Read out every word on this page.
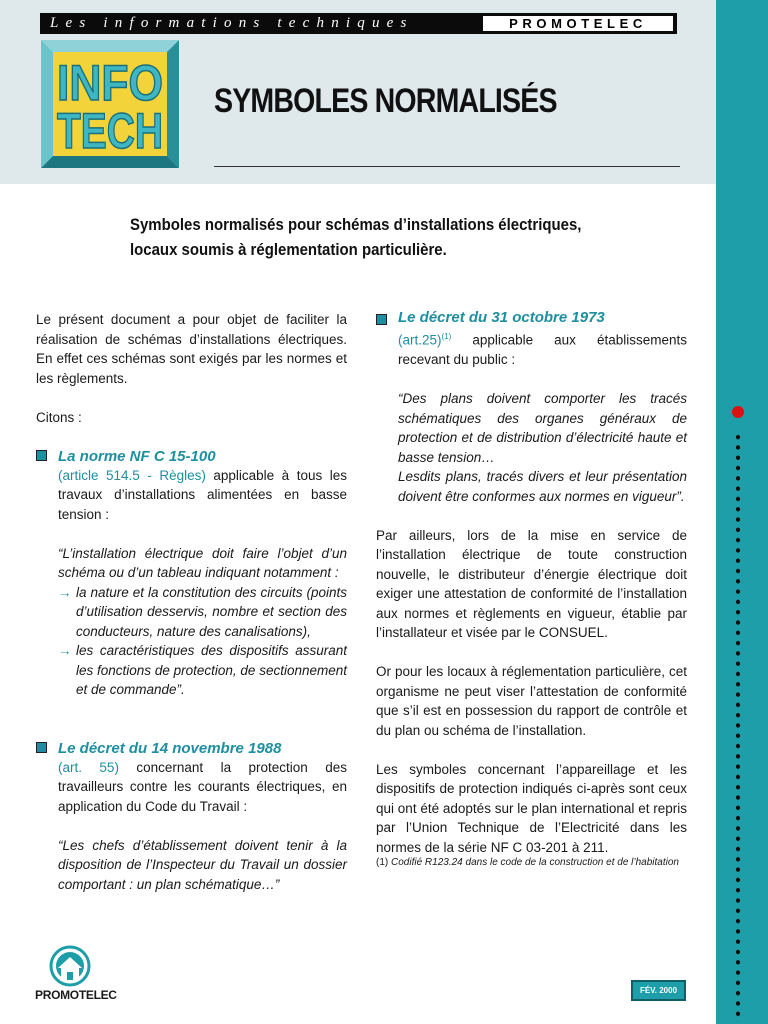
Les informations techniques	PROMOTELEC
INFO
TECH
SYMBOLES NORMALISÉS
Symboles normalisés pour schémas d’installations électriques,
locaux soumis à réglementation particulière.

Le présent document a pour objet de faciliter la réalisation de schémas d’installations électriques. En effet ces schémas sont exigés par les normes et les règlements.

Citons :

La norme NF C 15-100

(article 514.5 - Règles) applicable à tous les travaux d’installations alimentées en basse tension :

“L’installation électrique doit faire l’objet d’un schéma ou d’un tableau indiquant notamment :

→ la nature et la constitution des circuits (points d’utilisation desservis, nombre et section des conducteurs, nature des canalisations),

→ les caractéristiques des dispositifs assurant les fonctions de protection, de sectionnement et de commande”.

Le décret du 14 novembre 1988

(art. 55) concernant la protection des travailleurs contre les courants électriques, en application du Code du Travail :

“Les chefs d’établissement doivent tenir à la disposition de l’Inspecteur du Travail un dossier comportant : un plan schématique…”

Le décret du 31 octobre 1973

$(art.25)^{(1)}$ applicable aux établissements recevant du public :

“Des plans doivent comporter les tracés schématiques des organes généraux de protection et de distribution d’électricité haute et basse tension…

Lesdits plans, tracés divers et leur présentation doivent être conformes aux normes en vigueur”.

Par ailleurs, lors de la mise en service de l’installation électrique de toute construction nouvelle, le distributeur d’énergie électrique doit exiger une attestation de conformité de l’installation aux normes et règlements en vigueur, établie par l’installateur et visée par le CONSUEL.

Or pour les locaux à réglementation particulière, cet organisme ne peut viser l’attestation de conformité que s’il est en possession du rapport de contrôle et du plan ou schéma de l’installation.

Les symboles concernant l’appareillage et les dispositifs de protection indiqués ci-après sont ceux qui ont été adoptés sur le plan international et repris par l’Union Technique de l’Electricité dans les normes de la série NF C 03-201 à 211.

(1) Codifié R123.24 dans le code de la construction et de l’habitation
PROMOTELEC	FÉV. 2000
